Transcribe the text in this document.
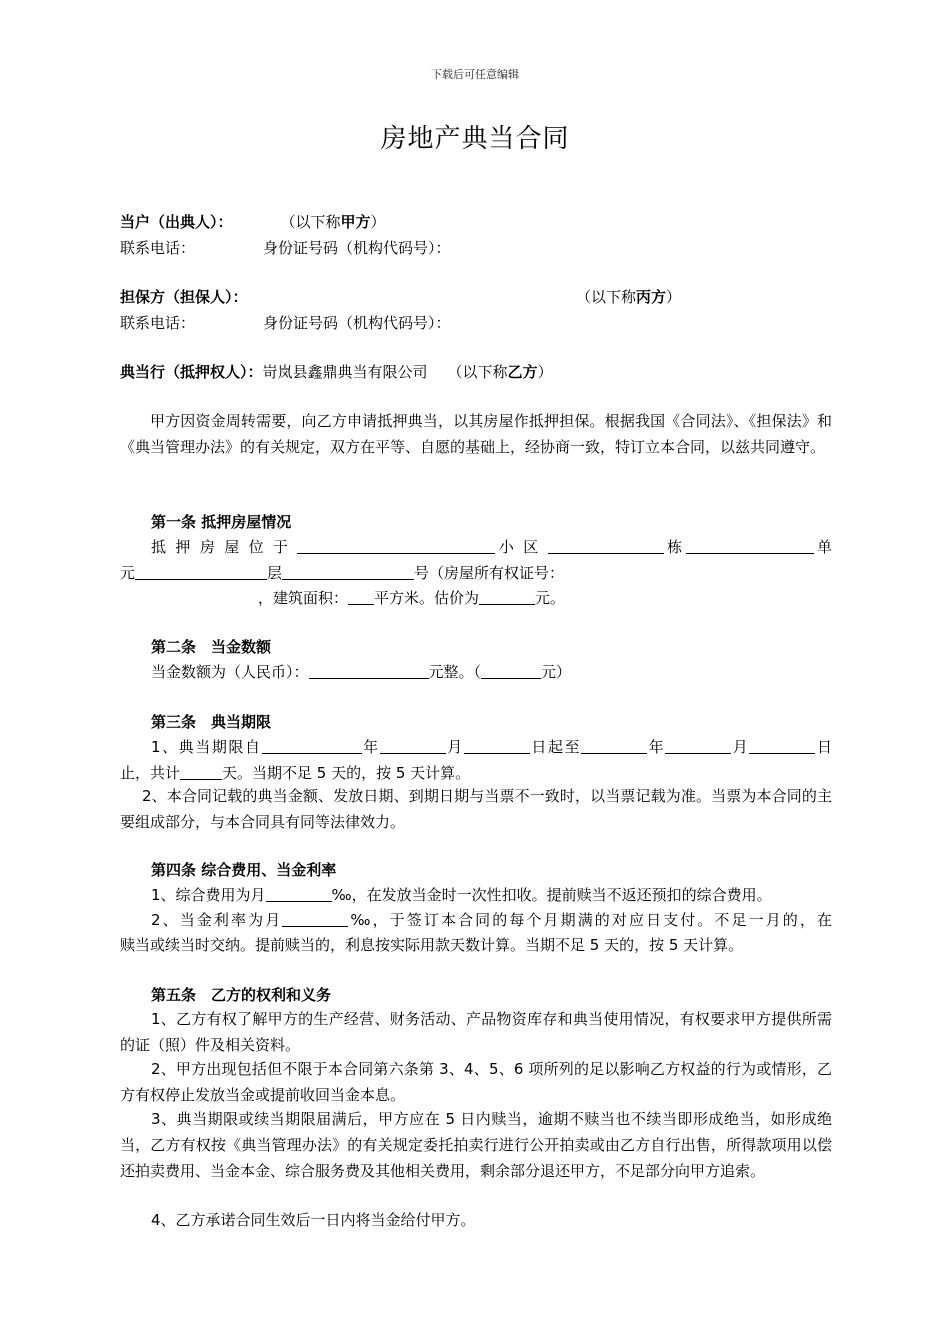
下载后可任意编辑
房地产典当合同
当户（出典人）：	（以下称甲方）
联系电话：	身份证号码（机构代码号）：
担保方（担保人）：	（以下称丙方）
联系电话：	身份证号码（机构代码号）：
典当行（抵押权人）：岢岚县鑫鼎典当有限公司 （以下称乙方）
甲方因资金周转需要，向乙方申请抵押典当，以其房屋作抵押担保。根据我国《合同法》、《担保法》和《典当管理办法》的有关规定，双方在平等、自愿的基础上，经协商一致，特订立本合同，以兹共同遵守。
第一条 抵押房屋情况
抵押房屋位于	小区	栋	单
元	层	号（房屋所有权证号：
，建筑面积： 平方米。估价为	元。
第二条　当金数额
当金数额为（人民币）：	元整。（	元）
第三条　典当期限
1、典当期限自	年	月	日起至	年	月	日
止，共计	天。当期不足 5 天的，按 5 天计算。
2、本合同记载的典当金额、发放日期、到期日期与当票不一致时，以当票记载为准。当票为本合同的主要组成部分，与本合同具有同等法律效力。
第四条 综合费用、当金利率
1、综合费用为月	‰，在发放当金时一次性扣收。提前赎当不返还预扣的综合费用。
2、当金利率为月	‰，于签订本合同的每个月期满的对应日支付。不足一月的，在
赎当或续当时交纳。提前赎当的，利息按实际用款天数计算。当期不足 5 天的，按 5 天计算。
第五条　乙方的权利和义务
1、乙方有权了解甲方的生产经营、财务活动、产品物资库存和典当使用情况，有权要求甲方提供所需的证（照）件及相关资料。
2、甲方出现包括但不限于本合同第六条第 3、4、5、6 项所列的足以影响乙方权益的行为或情形，乙方有权停止发放当金或提前收回当金本息。
3、典当期限或续当期限届满后，甲方应在 5 日内赎当，逾期不赎当也不续当即形成绝当，如形成绝当，乙方有权按《典当管理办法》的有关规定委托拍卖行进行公开拍卖或由乙方自行出售，所得款项用以偿还拍卖费用、当金本金、综合服务费及其他相关费用，剩余部分退还甲方，不足部分向甲方追索。
4、乙方承诺合同生效后一日内将当金给付甲方。
